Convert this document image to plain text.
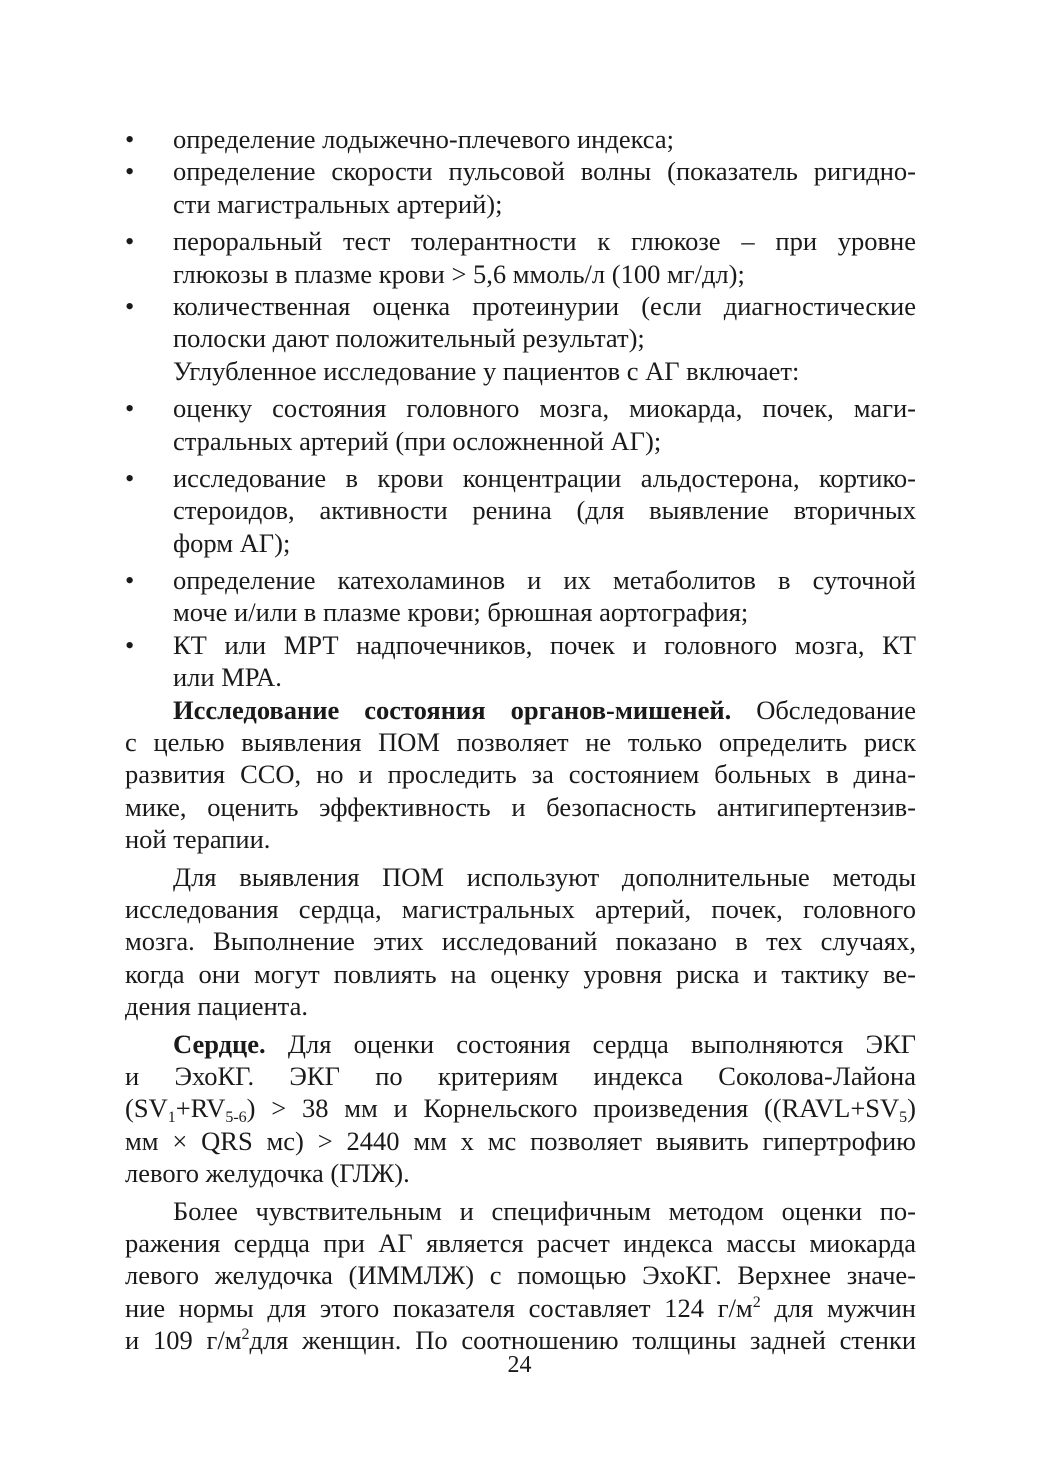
•	определение лодыжечно-плечевого индекса;
•	определение скорости пульсовой волны (показатель ригидно-
сти магистральных артерий);
•	пероральный тест толерантности к глюкозе – при уровне
глюкозы в плазме крови > 5,6 ммоль/л (100 мг/дл);
•	количественная оценка протеинурии (если диагностические
полоски дают положительный результат);
Углубленное исследование у пациентов с АГ включает:
•	оценку состояния головного мозга, миокарда, почек, маги-
стральных артерий (при осложненной АГ);
•	исследование в крови концентрации альдостерона, кортико-
стероидов, активности ренина (для выявление вторичных
форм АГ);
•	определение катехоламинов и их метаболитов в суточной
моче и/или в плазме крови; брюшная аортография;
•	КТ или МРТ надпочечников, почек и головного мозга, КТ
или МРА.
Исследование состояния органов-мишеней. Обследование
с целью выявления ПОМ позволяет не только определить риск
развития ССО, но и проследить за состоянием больных в дина-
мике, оценить эффективность и безопасность антигипертензив-
ной терапии.
Для выявления ПОМ используют дополнительные методы
исследования сердца, магистральных артерий, почек, головного
мозга. Выполнение этих исследований показано в тех случаях,
когда они могут повлиять на оценку уровня риска и тактику ве-
дения пациента.
Сердце. Для оценки состояния сердца выполняются ЭКГ
и ЭхоКГ. ЭКГ по критериям индекса Соколова-Лайона
$(SV_1+RV_{5-6}) > 38$ мм и Корнельского произведения ($(RAVL+SV_5)$
мм × QRS мс) > 2440 мм х мс позволяет выявить гипертрофию
левого желудочка (ГЛЖ).
Более чувствительным и специфичным методом оценки по-
ражения сердца при АГ является расчет индекса массы миокарда
левого желудочка (ИММЛЖ) с помощью ЭхоКГ. Верхнее значе-
ние нормы для этого показателя составляет 124 $г/м^2$ для мужчин
и 109 $г/м^2для$ женщин. По соотношению толщины задней стенки
24
